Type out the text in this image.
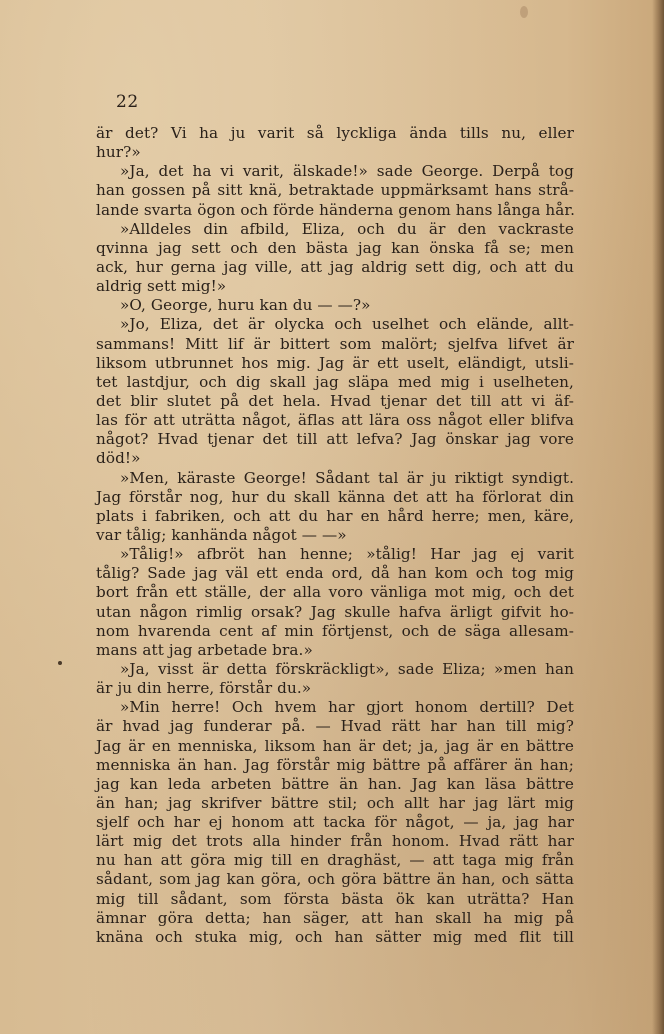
22
är det? Vi ha ju varit så lyckliga ända tills nu, eller
hur?»
»Ja, det ha vi varit, älskade!» sade George. Derpå tog
han gossen på sitt knä, betraktade uppmärksamt hans strå-
lande svarta ögon och förde händerna genom hans långa hår.
»Alldeles din afbild, Eliza, och du är den vackraste
qvinna jag sett och den bästa jag kan önska få se; men
ack, hur gerna jag ville, att jag aldrig sett dig, och att du
aldrig sett mig!»
»O, George, huru kan du — —?»
»Jo, Eliza, det är olycka och uselhet och elände, allt-
sammans! Mitt lif är bittert som malört; sjelfva lifvet är
liksom utbrunnet hos mig. Jag är ett uselt, eländigt, utsli-
tet lastdjur, och dig skall jag släpa med mig i uselheten,
det blir slutet på det hela. Hvad tjenar det till att vi äf-
las för att uträtta något, äflas att lära oss något eller blifva
något? Hvad tjenar det till att lefva? Jag önskar jag vore
död!»
»Men, käraste George! Sådant tal är ju riktigt syndigt.
Jag förstår nog, hur du skall känna det att ha förlorat din
plats i fabriken, och att du har en hård herre; men, käre,
var tålig; kanhända något — —»
»Tålig!» afbröt han henne; »tålig! Har jag ej varit
tålig? Sade jag väl ett enda ord, då han kom och tog mig
bort från ett ställe, der alla voro vänliga mot mig, och det
utan någon rimlig orsak? Jag skulle hafva ärligt gifvit ho-
nom hvarenda cent af min förtjenst, och de säga allesam-
mans att jag arbetade bra.»
»Ja, visst är detta förskräckligt», sade Eliza; »men han
är ju din herre, förstår du.»
»Min herre! Och hvem har gjort honom dertill? Det
är hvad jag funderar på. — Hvad rätt har han till mig?
Jag är en menniska, liksom han är det; ja, jag är en bättre
menniska än han. Jag förstår mig bättre på affärer än han;
jag kan leda arbeten bättre än han. Jag kan läsa bättre
än han; jag skrifver bättre stil; och allt har jag lärt mig
sjelf och har ej honom att tacka för något, — ja, jag har
lärt mig det trots alla hinder från honom. Hvad rätt har
nu han att göra mig till en draghäst, — att taga mig från
sådant, som jag kan göra, och göra bättre än han, och sätta
mig till sådant, som första bästa ök kan uträtta? Han
ämnar göra detta; han säger, att han skall ha mig på
knäna och stuka mig, och han sätter mig med flit till
